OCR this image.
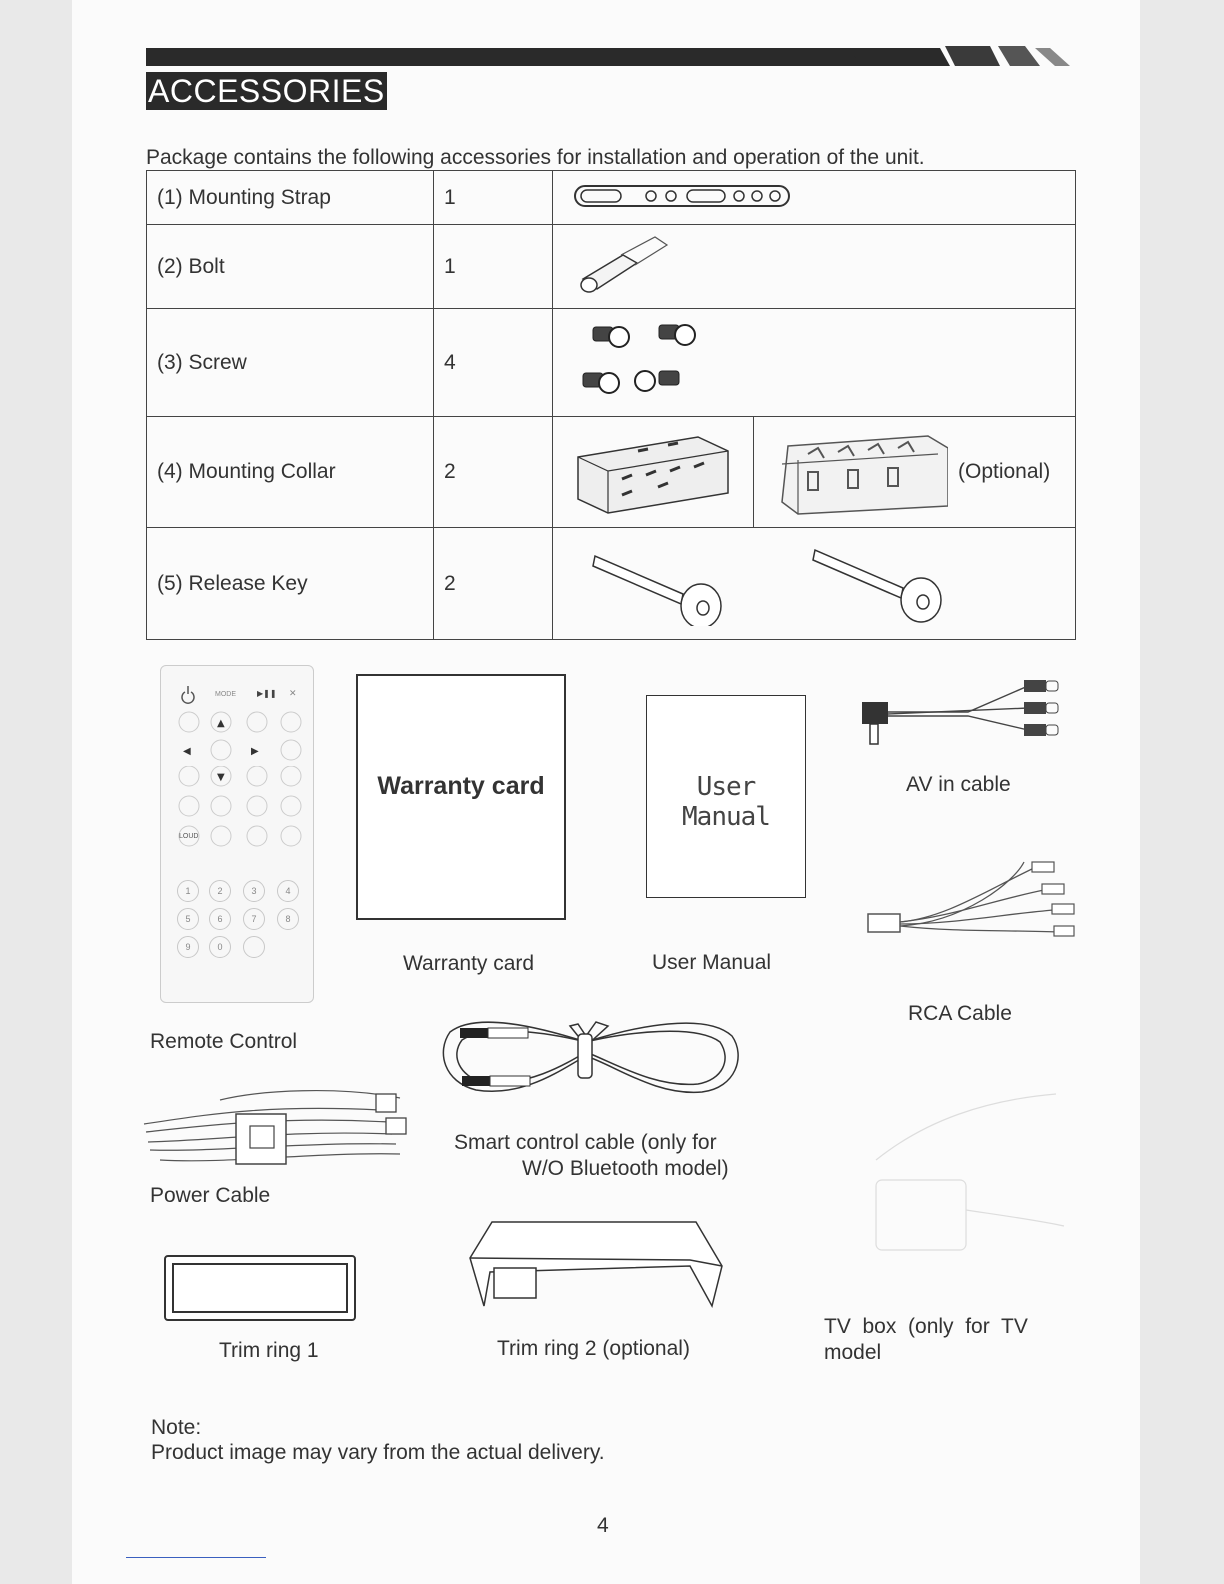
ACCESSORIES
Package contains the following accessories for installation and operation of the unit.
(1) Mounting Strap	1	
(2) Bolt	1	
(3) Screw	4	
(4) Mounting Collar	2	(Optional)

(5) Release Key	2	
MODE	▶❚❚ ✕
▲
◀	▶
▼
LOUD
1	2	3	4
5	6	7	8
9	0
Remote Control
Warranty card
Warranty card
User Manual
User Manual
AV in cable
RCA Cable
Power Cable
Smart control cable (only for
W/O Bluetooth model)
Trim ring 1	Trim ring 2 (optional)
TV  box  (only  for  TV
model
Note:
Product image may vary from the actual delivery.
4
